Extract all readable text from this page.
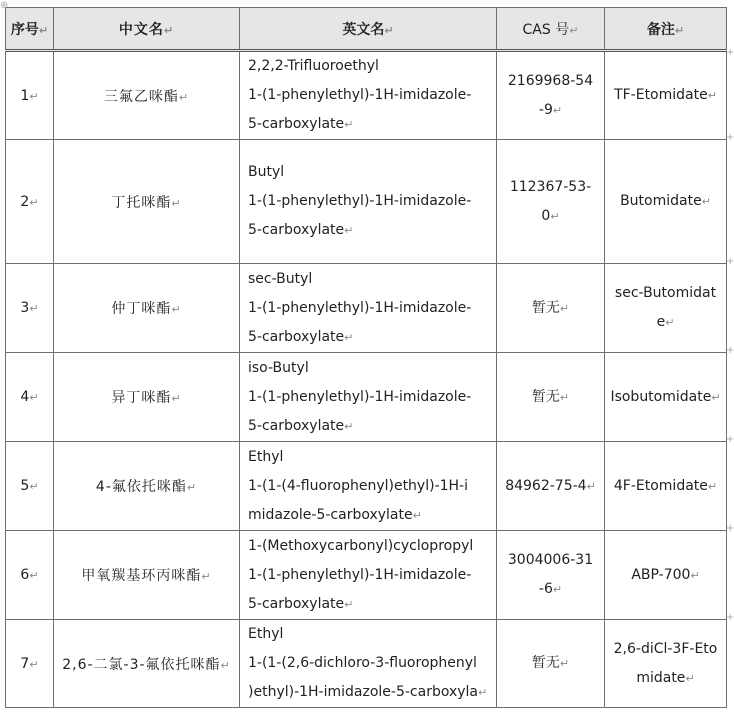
序号↵	中文名↵	英文名↵	CAS 号↵	备注↵
1↵	三氟乙咪酯↵	2,2,2-Trifluoroethyl
1-(1-phenylethyl)-1H-imidazole-
5-carboxylate↵	2169968-54
-9↵	TF-Etomidate↵

2↵	丁托咪酯↵	Butyl
1-(1-phenylethyl)-1H-imidazole-
5-carboxylate↵	112367-53-
0↵	Butomidate↵

3↵	仲丁咪酯↵	sec-Butyl
1-(1-phenylethyl)-1H-imidazole-
5-carboxylate↵	暂无↵	sec-Butomidat
e↵

4↵	异丁咪酯↵	iso-Butyl
1-(1-phenylethyl)-1H-imidazole-
5-carboxylate↵	暂无↵	Isobutomidate↵

5↵	4-氟依托咪酯↵	Ethyl
1-(1-(4-fluorophenyl)ethyl)-1H-i
midazole-5-carboxylate↵	84962-75-4↵	4F-Etomidate↵

6↵	甲氧羰基环丙咪酯↵	1-(Methoxycarbonyl)cyclopropyl
1-(1-phenylethyl)-1H-imidazole-
5-carboxylate↵	3004006-31
-6↵	ABP-700↵

7↵	2,6-二氯-3-氟依托咪酯↵	Ethyl
1-(1-(2,6-dichloro-3-fluorophenyl
)ethyl)-1H-imidazole-5-carboxyla↵	暂无↵	2,6-diCl-3F-Eto
midate↵
⊕
+
+
+
+
+
+
+
